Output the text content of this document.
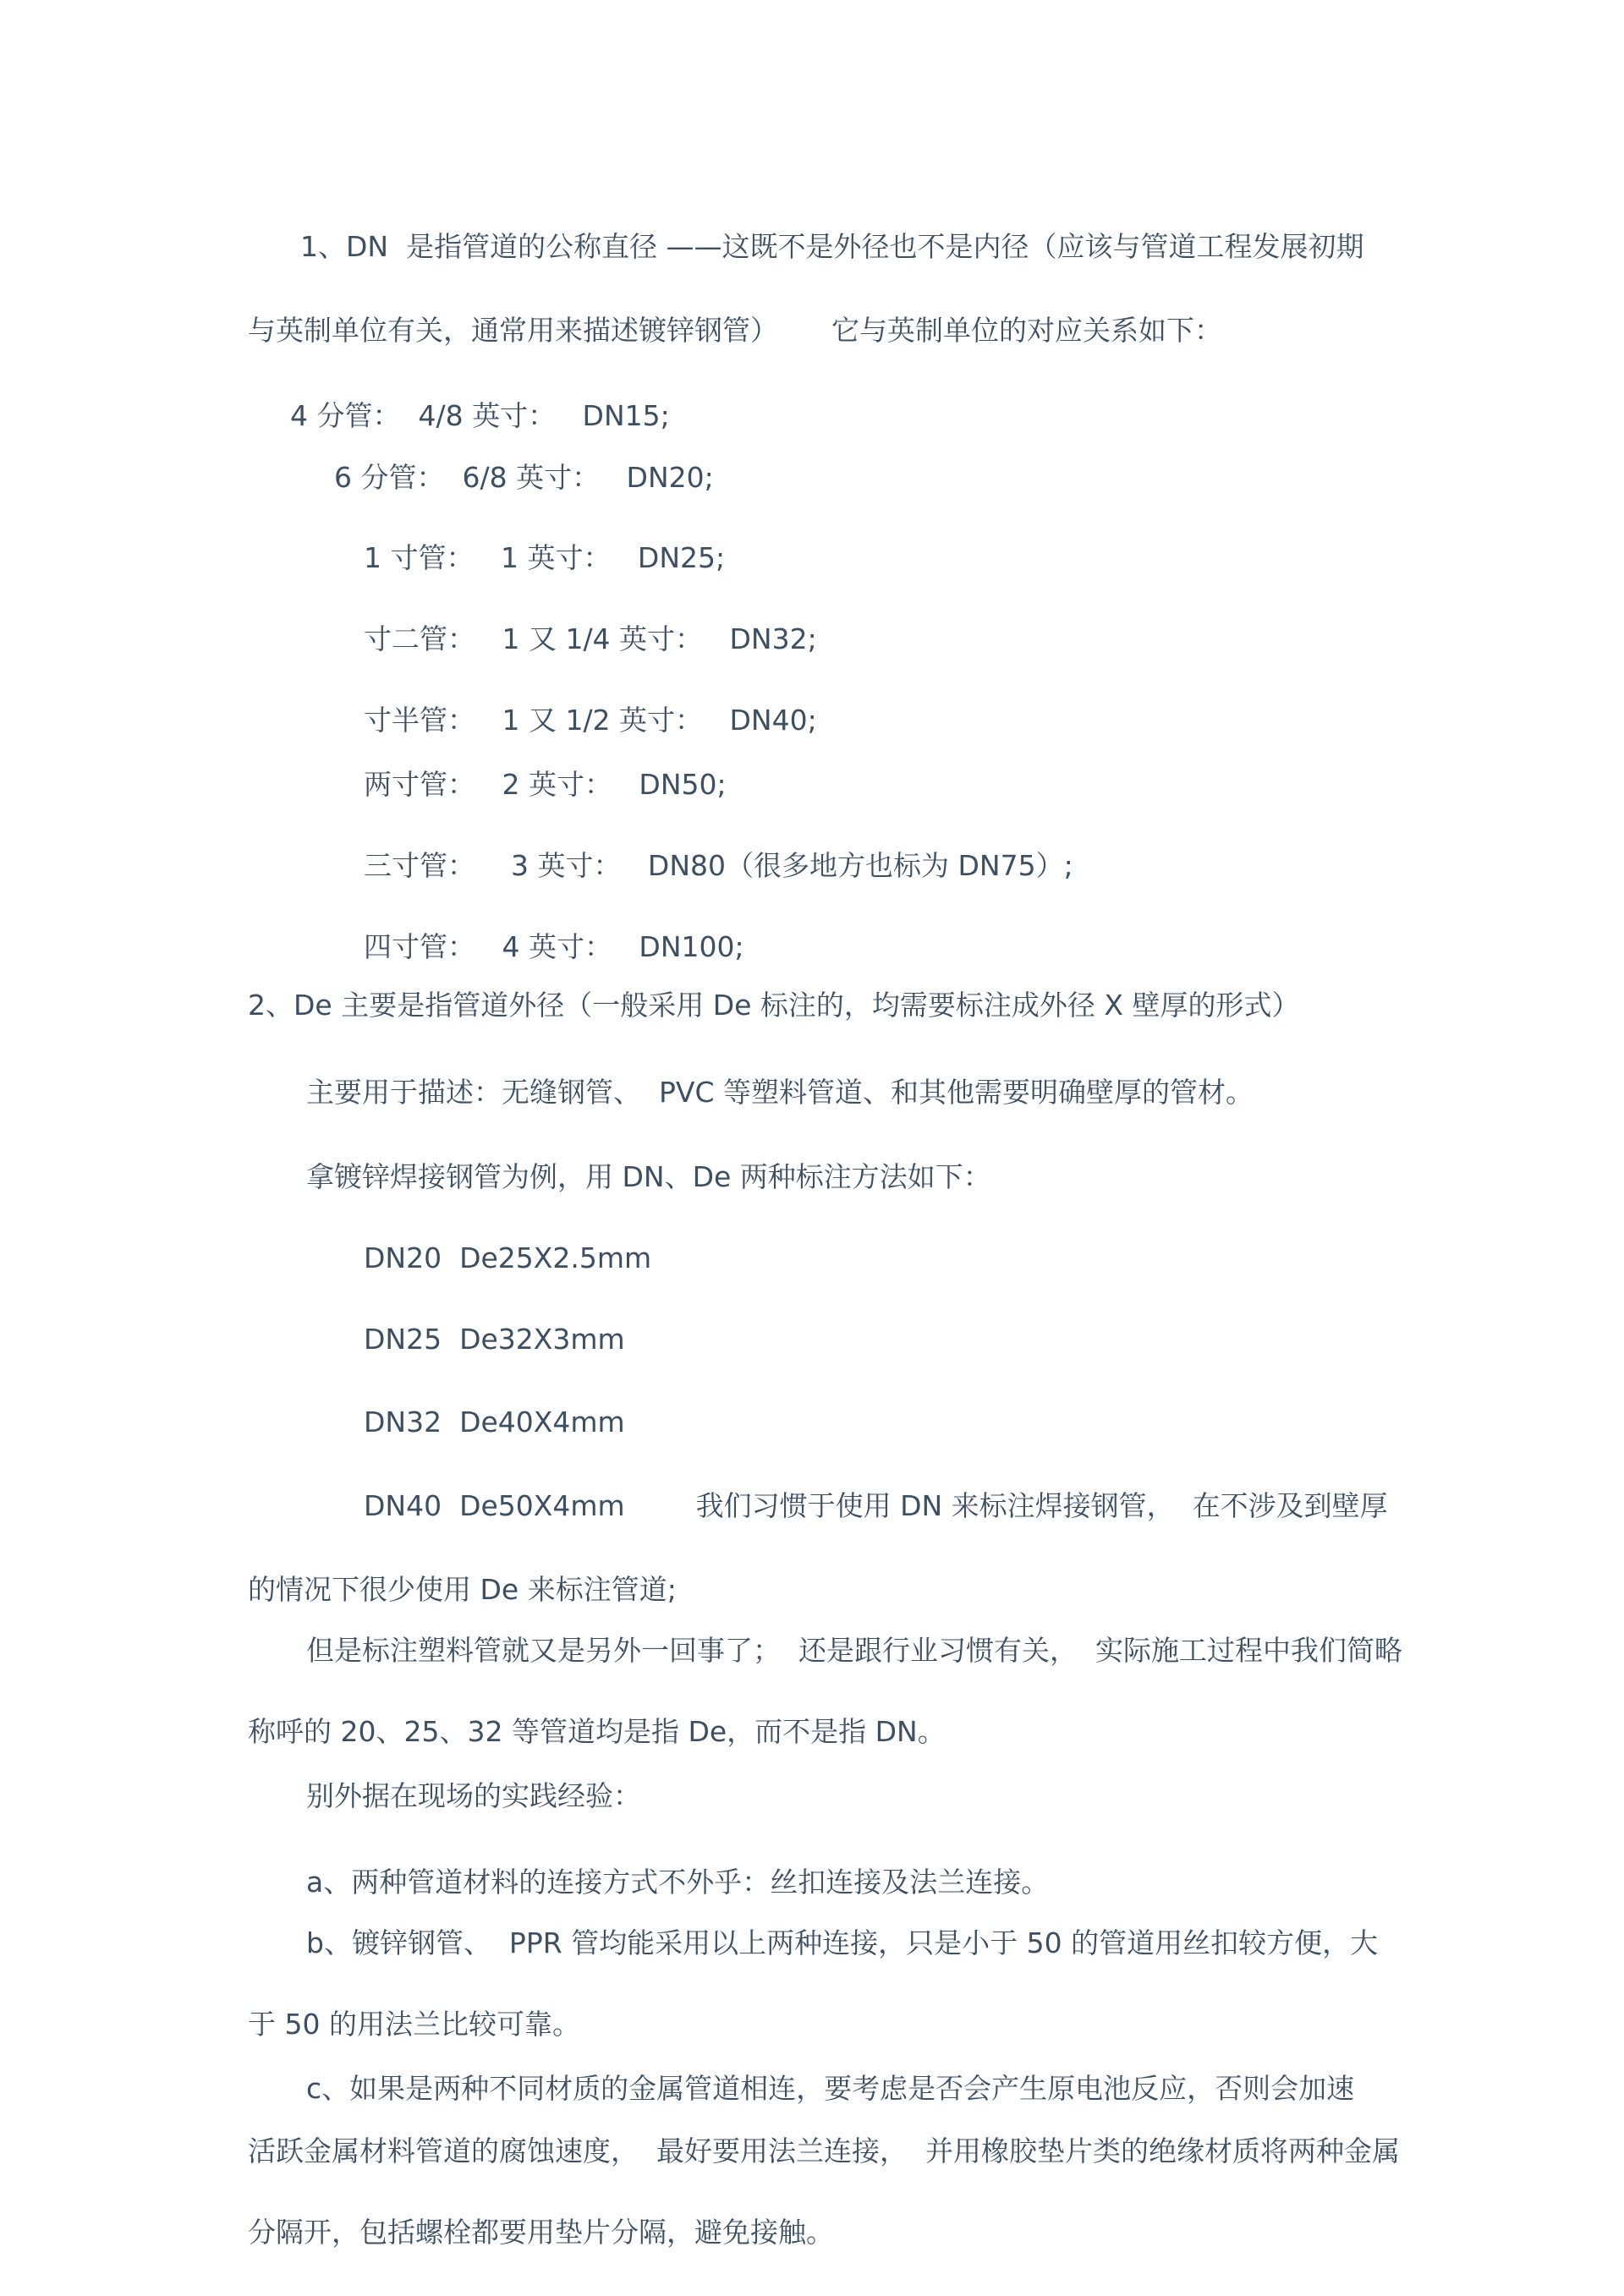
1、DN  是指管道的公称直径 ——这既不是外径也不是内径（应该与管道工程发展初期
与英制单位有关，通常用来描述镀锌钢管）      它与英制单位的对应关系如下：
4 分管：  4/8 英寸：   DN15;
6 分管：  6/8 英寸：   DN20;
1 寸管：   1 英寸：   DN25;
寸二管：   1 又 1/4 英寸：   DN32;
寸半管：   1 又 1/2 英寸：   DN40;
两寸管：   2 英寸：   DN50;
三寸管：    3 英寸：   DN80（很多地方也标为 DN75）;
四寸管：   4 英寸：   DN100;
2、De 主要是指管道外径（一般采用 De 标注的，均需要标注成外径 X 壁厚的形式）
主要用于描述：无缝钢管、  PVC 等塑料管道、和其他需要明确壁厚的管材。
拿镀锌焊接钢管为例，用 DN、De 两种标注方法如下：
DN20  De25X2.5mm
DN25  De32X3mm
DN32  De40X4mm
DN40  De50X4mm        我们习惯于使用 DN 来标注焊接钢管，  在不涉及到壁厚
的情况下很少使用 De 来标注管道;
但是标注塑料管就又是另外一回事了；  还是跟行业习惯有关，  实际施工过程中我们简略
称呼的 20、25、32 等管道均是指 De，而不是指 DN。
别外据在现场的实践经验：
a、两种管道材料的连接方式不外乎：丝扣连接及法兰连接。
b、镀锌钢管、  PPR 管均能采用以上两种连接，只是小于 50 的管道用丝扣较方便，大
于 50 的用法兰比较可靠。
c、如果是两种不同材质的金属管道相连，要考虑是否会产生原电池反应，否则会加速
活跃金属材料管道的腐蚀速度，  最好要用法兰连接，  并用橡胶垫片类的绝缘材质将两种金属
分隔开，包括螺栓都要用垫片分隔，避免接触。
